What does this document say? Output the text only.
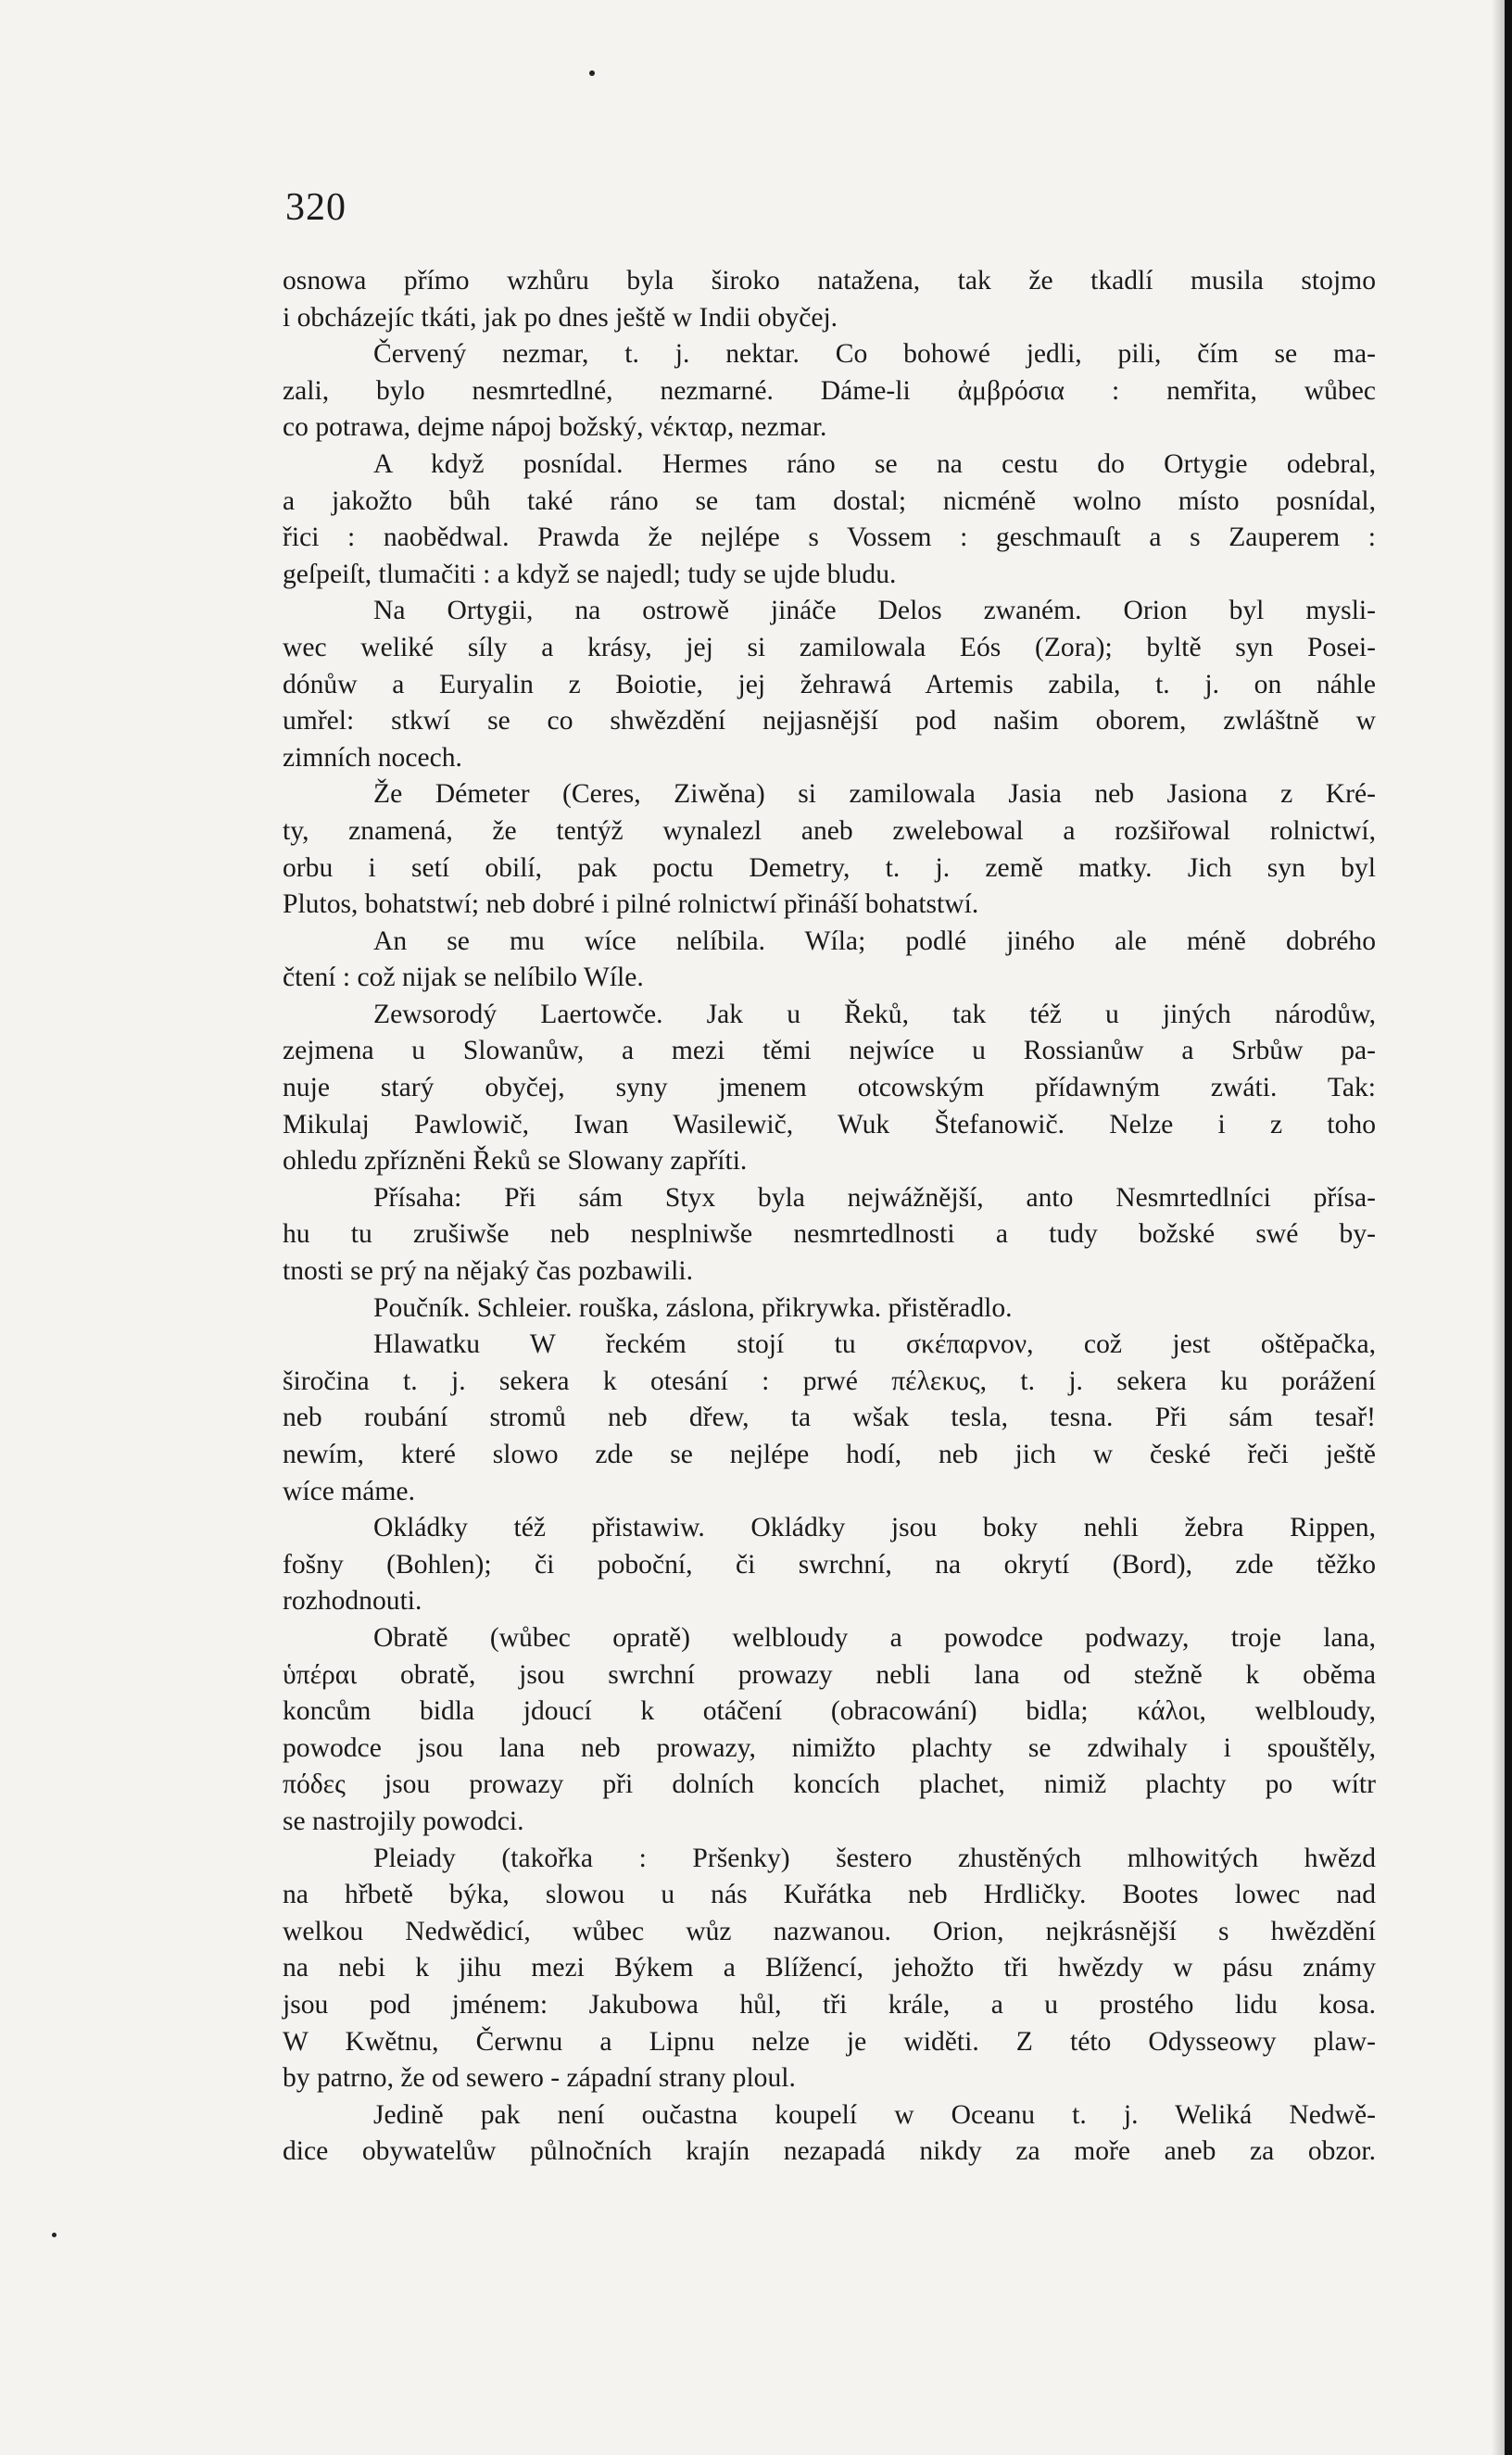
320
osnowa přímo wzhůru byla široko natažena, tak že tkadlí musila stojmo
i obcházejíc tkáti, jak po dnes ještě w Indii obyčej.
Červený nezmar, t. j. nektar. Co bohowé jedli, pili, čím se ma-
zali, bylo nesmrtedlné, nezmarné. Dáme-li ἀμβρόσια : nemřita, wůbec
co potrawa, dejme nápoj božský, νέκταρ, nezmar.
A když posnídal. Hermes ráno se na cestu do Ortygie odebral,
a jakožto bůh také ráno se tam dostal; nicméně wolno místo posnídal,
řici : naobědwal. Prawda že nejlépe s Vossem : geschmauſt a s Zauperem :
geſpeiſt, tlumačiti : a když se najedl; tudy se ujde bludu.
Na Ortygii, na ostrowě jináče Delos zwaném. Orion byl mysli-
wec weliké síly a krásy, jej si zamilowala Eós (Zora); byltě syn Posei-
dónůw a Euryalin z Boiotie, jej žehrawá Artemis zabila, t. j. on náhle
umřel: stkwí se co shwězdění nejjasnější pod našim oborem, zwláštně w
zimních nocech.
Že Démeter (Ceres, Ziwěna) si zamilowala Jasia neb Jasiona z Kré-
ty, znamená, že tentýž wynalezl aneb zwelebowal a rozšiřowal rolnictwí,
orbu i setí obilí, pak poctu Demetry, t. j. země matky. Jich syn byl
Plutos, bohatstwí; neb dobré i pilné rolnictwí přináší bohatstwí.
An se mu wíce nelíbila. Wíla; podlé jiného ale méně dobrého
čtení : což nijak se nelíbilo Wíle.
Zewsorodý Laertowče. Jak u Řeků, tak též u jiných národůw,
zejmena u Slowanůw, a mezi těmi nejwíce u Rossianůw a Srbůw pa-
nuje starý obyčej, syny jmenem otcowským přídawným zwáti. Tak:
Mikulaj Pawlowič, Iwan Wasilewič, Wuk Štefanowič. Nelze i z toho
ohledu zpřízněni Řeků se Slowany zapříti.
Přísaha: Při sám Styx byla nejwážnější, anto Nesmrtedlníci přísa-
hu tu zrušiwše neb nesplniwše nesmrtedlnosti a tudy božské swé by-
tnosti se prý na nějaký čas pozbawili.
Poučník. Schleier. rouška, záslona, přikrywka. přistěradlo.
Hlawatku W řeckém stojí tu σκέπαρνον, což jest oštěpačka,
širočina t. j. sekera k otesání : prwé πέλεκυς, t. j. sekera ku porážení
neb roubání stromů neb dřew, ta wšak tesla, tesna. Při sám tesař!
newím, které slowo zde se nejlépe hodí, neb jich w české řeči ještě
wíce máme.
Okládky též přistawiw. Okládky jsou boky nehli žebra Rippen,
fošny (Bohlen); či poboční, či swrchní, na okrytí (Bord), zde těžko
rozhodnouti.
Obratě (wůbec opratě) welbloudy a powodce podwazy, troje lana,
ὑπέραι obratě, jsou swrchní prowazy nebli lana od stežně k oběma
koncům bidla jdoucí k otáčení (obracowání) bidla; κάλοι, welbloudy,
powodce jsou lana neb prowazy, nimižto plachty se zdwihaly i spouštěly,
πόδες jsou prowazy při dolních koncích plachet, nimiž plachty po wítr
se nastrojily powodci.
Pleiady (takořka : Pršenky) šestero zhustěných mlhowitých hwězd
na hřbetě býka, slowou u nás Kuřátka neb Hrdličky. Bootes lowec nad
welkou Nedwědicí, wůbec wůz nazwanou. Orion, nejkrásnější s hwězdění
na nebi k jihu mezi Býkem a Blížencí, jehožto tři hwězdy w pásu známy
jsou pod jménem: Jakubowa hůl, tři krále, a u prostého lidu kosa.
W Kwětnu, Čerwnu a Lipnu nelze je widěti. Z této Odysseowy plaw-
by patrno, že od sewero - západní strany ploul.
Jedině pak není oučastna koupelí w Oceanu t. j. Weliká Nedwě-
dice obywatelůw půlnočních krajín nezapadá nikdy za moře aneb za obzor.
